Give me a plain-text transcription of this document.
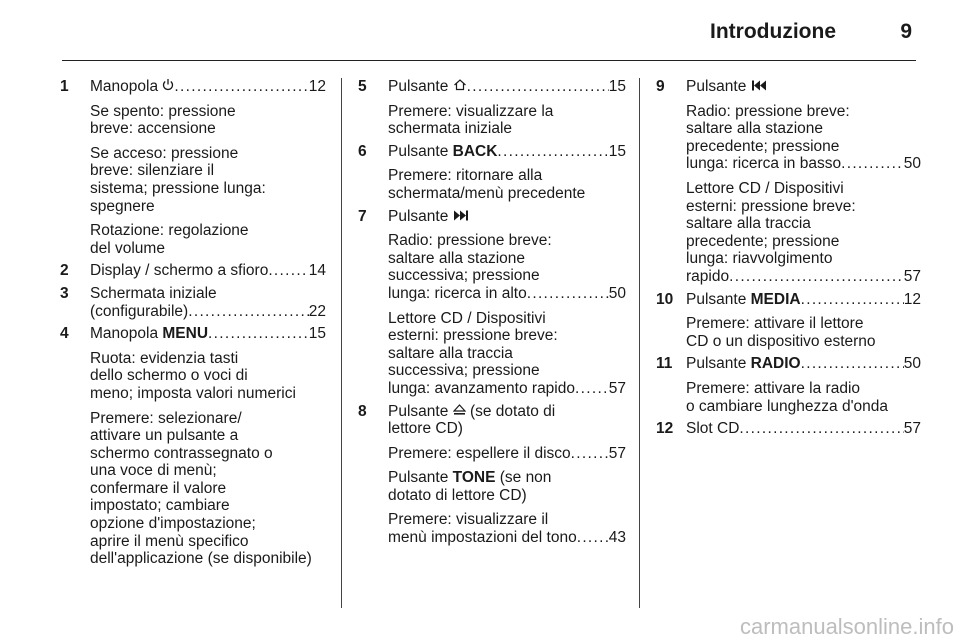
Introduzione	9
1	Manopola . . .	12
Se spento: pressione
breve: accensione
Se acceso: pressione
breve: silenziare il
sistema; pressione lunga:
spegnere
Rotazione: regolazione
del volume
2	Display / schermo a sfioro . . .	14
3	Schermata iniziale
(configurabile) . . .	22
4	Manopola MENU . . .	15
Ruota: evidenzia tasti
dello schermo o voci di
meno; imposta valori numerici
Premere: selezionare/
attivare un pulsante a
schermo contrassegnato o
una voce di menù;
confermare il valore
impostato; cambiare
opzione d'impostazione;
aprire il menù specifico
dell'applicazione (se disponibile)
5	Pulsante . . .	15
Premere: visualizzare la
schermata iniziale
6	Pulsante BACK . . .	15
Premere: ritornare alla
schermata/menù precedente
7	Pulsante
Radio: pressione breve:
saltare alla stazione
successiva; pressione
lunga: ricerca in alto . . .	50
Lettore CD / Dispositivi
esterni: pressione breve:
saltare alla traccia
successiva; pressione
lunga: avanzamento rapido . . . 57
8	Pulsante  (se dotato di
lettore CD)
Premere: espellere il disco . . . 57
Pulsante TONE (se non
dotato di lettore CD)
Premere: visualizzare il
menù impostazioni del tono . . . 43
9	Pulsante
Radio: pressione breve:
saltare alla stazione
precedente; pressione
lunga: ricerca in basso . . .	50
Lettore CD / Dispositivi
esterni: pressione breve:
saltare alla traccia
precedente; pressione
lunga: riavvolgimento
rapido . . .	57
10 Pulsante MEDIA . . .	12
Premere: attivare il lettore
CD o un dispositivo esterno
11 Pulsante RADIO . . .	50
Premere: attivare la radio
o cambiare lunghezza d'onda
12 Slot CD . . .	57
carmanualsonline.info
